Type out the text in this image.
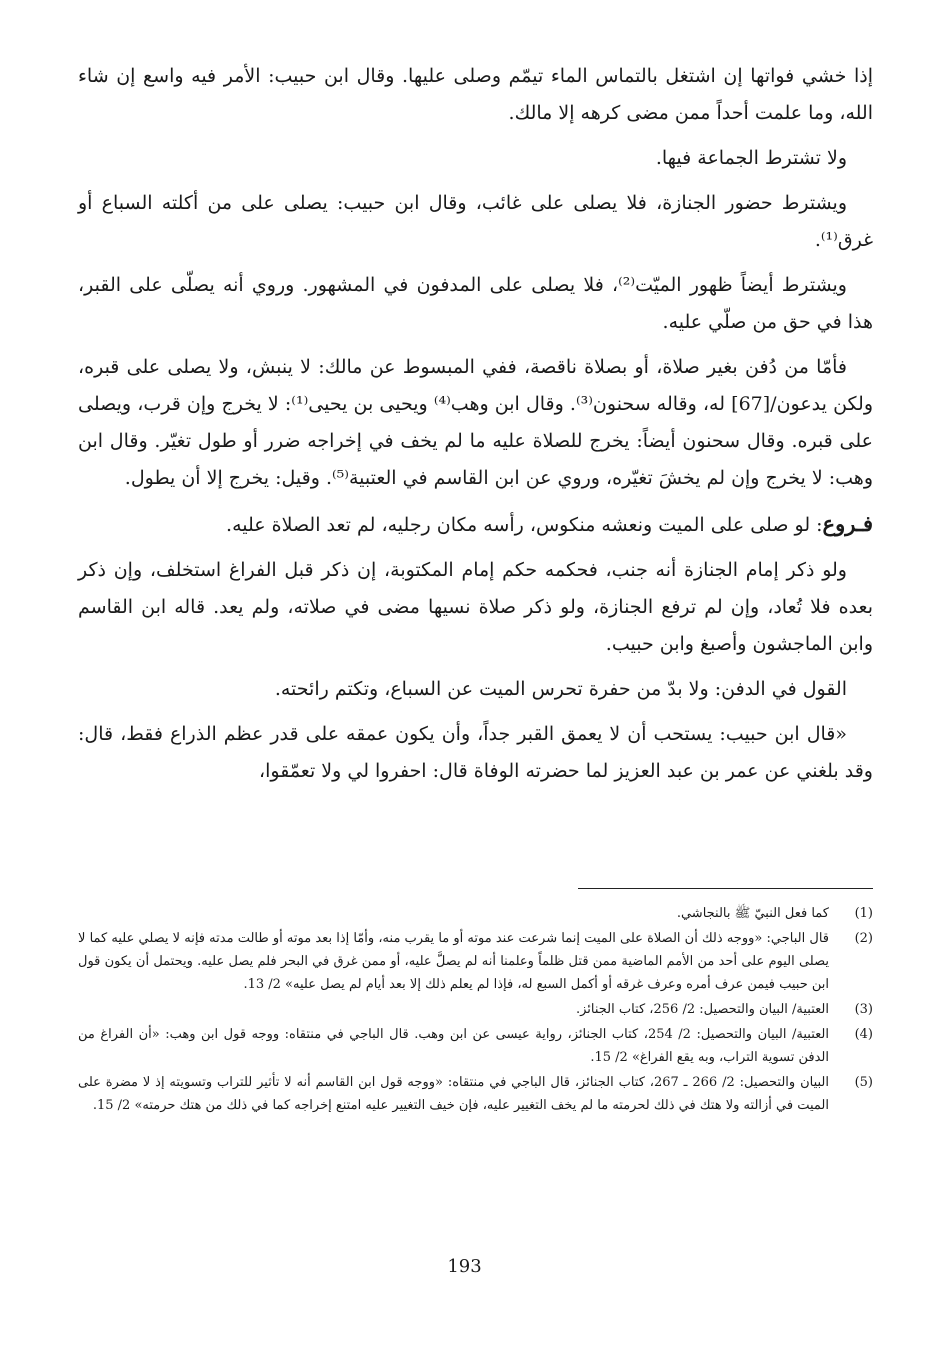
إذا خشي فواتها إن اشتغل بالتماس الماء تيمّم وصلى عليها. وقال ابن حبيب: الأمر فيه واسع إن شاء الله، وما علمت أحداً ممن مضى كرهه إلا مالك.

ولا تشترط الجماعة فيها.

ويشترط حضور الجنازة، فلا يصلى على غائب، وقال ابن حبيب: يصلى على من أكلته السباع أو غرق⁽¹⁾.

ويشترط أيضاً ظهور الميّت⁽²⁾، فلا يصلى على المدفون في المشهور. وروي أنه يصلّى على القبر، هذا في حق من صلّي عليه.

فأمّا من دُفن بغير صلاة، أو بصلاة ناقصة، ففي المبسوط عن مالك: لا ينبش، ولا يصلى على قبره، ولكن يدعون/[67] له، وقاله سحنون⁽³⁾. وقال ابن وهب⁽⁴⁾ ويحيى بن يحيى⁽¹⁾: لا يخرج وإن قرب، ويصلى على قبره. وقال سحنون أيضاً: يخرج للصلاة عليه ما لم يخف في إخراجه ضرر أو طول تغيّر. وقال ابن وهب: لا يخرج وإن لم يخشَ تغيّره، وروي عن ابن القاسم في العتبية⁽⁵⁾. وقيل: يخرج إلا أن يطول.

فـروع: لو صلى على الميت ونعشه منكوس، رأسه مكان رجليه، لم تعد الصلاة عليه.

ولو ذكر إمام الجنازة أنه جنب، فحكمه حكم إمام المكتوبة، إن ذكر قبل الفراغ استخلف، وإن ذكر بعده فلا تُعاد، وإن لم ترفع الجنازة، ولو ذكر صلاة نسيها مضى في صلاته، ولم يعد. قاله ابن القاسم وابن الماجشون وأصبغ وابن حبيب.

القول في الدفن: ولا بدّ من حفرة تحرس الميت عن السباع، وتكتم رائحته.

«قال ابن حبيب: يستحب أن لا يعمق القبر جداً، وأن يكون عمقه على قدر عظم الذراع فقط، قال: وقد بلغني عن عمر بن عبد العزيز لما حضرته الوفاة قال: احفروا لي ولا تعمّقوا،

(1)
كما فعل النبيّ ﷺ بالنجاشي.
(2)
قال الباجي: «ووجه ذلك أن الصلاة على الميت إنما شرعت عند موته أو ما يقرب منه، وأمّا إذا بعد موته أو طالت مدته فإنه لا يصلي عليه كما لا يصلى اليوم على أحد من الأمم الماضية ممن قتل ظلماً وعلمنا أنه لم يصلَّ عليه، أو ممن غرق في البحر فلم يصل عليه. ويحتمل أن يكون قول ابن حبيب فيمن عرف أمره وعرف غرقه أو أكمل السبع له، فإذا لم يعلم ذلك إلا بعد أيام لم يصل عليه» 2/ 13.
(3)
العتبية/ البيان والتحصيل: 2/ 256، كتاب الجنائز.
(4)
العتبية/ البيان والتحصيل: 2/ 254، كتاب الجنائز، رواية عيسى عن ابن وهب. قال الباجي في منتقاه: ووجه قول ابن وهب: «أن الفراغ من الدفن تسوية التراب، وبه يقع الفراغ» 2/ 15.
(5)
البيان والتحصيل: 2/ 266 ـ 267، كتاب الجنائز، قال الباجي في منتقاه: «ووجه قول ابن القاسم أنه لا تأثير للتراب وتسويته إذ لا مضرة على الميت في أزالته ولا هتك في ذلك لحرمته ما لم يخف التغيير عليه، فإن خيف التغيير عليه امتنع إخراجه كما في ذلك من هتك حرمته» 2/ 15.
193
